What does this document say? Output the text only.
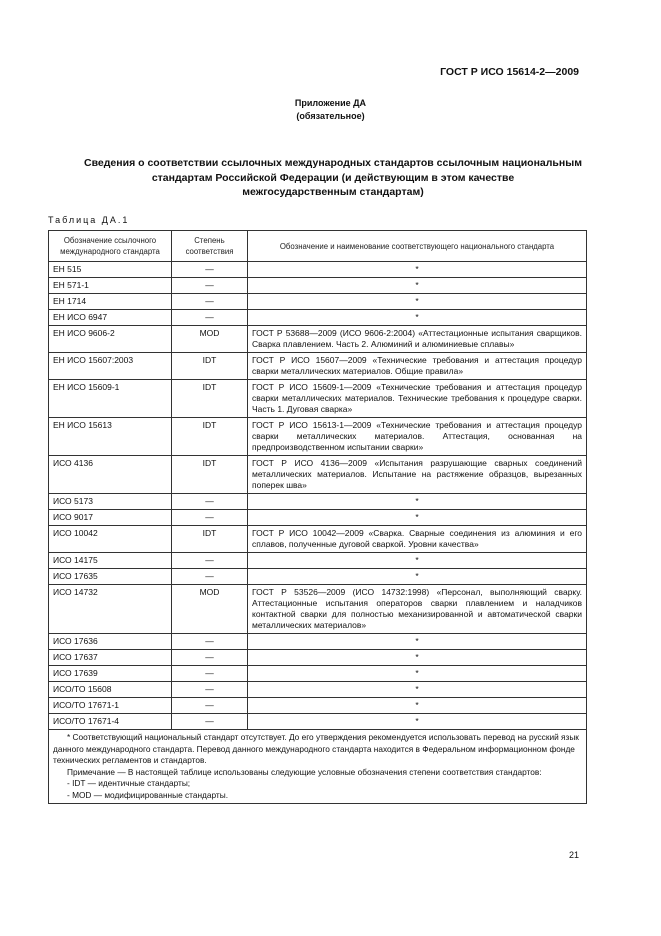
ГОСТ Р ИСО 15614-2—2009
Приложение ДА
(обязательное)
Сведения о соответствии ссылочных международных стандартов ссылочным национальным
стандартам Российской Федерации (и действующим в этом качестве
межгосударственным стандартам)
Таблица ДА.1
Обозначение ссылочного международного стандарта	Степень соответствия	Обозначение и наименование соответствующего национального стандарта
ЕН 515	—	*
ЕН 571-1	—	*
ЕН 1714	—	*
ЕН ИСО 6947	—	*
ЕН ИСО 9606-2	MOD	ГОСТ Р 53688—2009 (ИСО 9606-2:2004) «Аттестационные испытания сварщиков. Сварка плавлением. Часть 2. Алюминий и алюминиевые сплавы»
ЕН ИСО 15607:2003	IDT	ГОСТ Р ИСО 15607—2009 «Технические требования и аттестация процедур сварки металлических материалов. Общие правила»
ЕН ИСО 15609-1	IDT	ГОСТ Р ИСО 15609-1—2009 «Технические требования и аттестация процедур сварки металлических материалов. Технические требования к процедуре сварки. Часть 1. Дуговая сварка»
ЕН ИСО 15613	IDT	ГОСТ Р ИСО 15613-1—2009 «Технические требования и аттестация процедур сварки металлических материалов. Аттестация, основанная на предпроизводственном испытании сварки»
ИСО 4136	IDT	ГОСТ Р ИСО 4136—2009 «Испытания разрушающие сварных соединений металлических материалов. Испытание на растяжение образцов, вырезанных поперек шва»
ИСО 5173	—	*
ИСО 9017	—	*
ИСО 10042	IDT	ГОСТ Р ИСО 10042—2009 «Сварка. Сварные соединения из алюминия и его сплавов, полученные дуговой сваркой. Уровни качества»
ИСО 14175	—	*
ИСО 17635	—	*
ИСО 14732	MOD	ГОСТ Р 53526—2009 (ИСО 14732:1998) «Персонал, выполняющий сварку. Аттестационные испытания операторов сварки плавлением и наладчиков контактной сварки для полностью механизированной и автоматической сварки металлических материалов»
ИСО 17636	—	*
ИСО 17637	—	*
ИСО 17639	—	*
ИСО/ТО 15608	—	*
ИСО/ТО 17671-1	—	*
ИСО/ТО 17671-4	—	*

* Соответствующий национальный стандарт отсутствует. До его утверждения рекомендуется использовать перевод на русский язык данного международного стандарта. Перевод данного международного стандарта находится в Федеральном информационном фонде технических регламентов и стандартов.

Примечание — В настоящей таблице использованы следующие условные обозначения степени соответствия стандартов:

- IDT — идентичные стандарты;

- MOD — модифицированные стандарты.		

21
